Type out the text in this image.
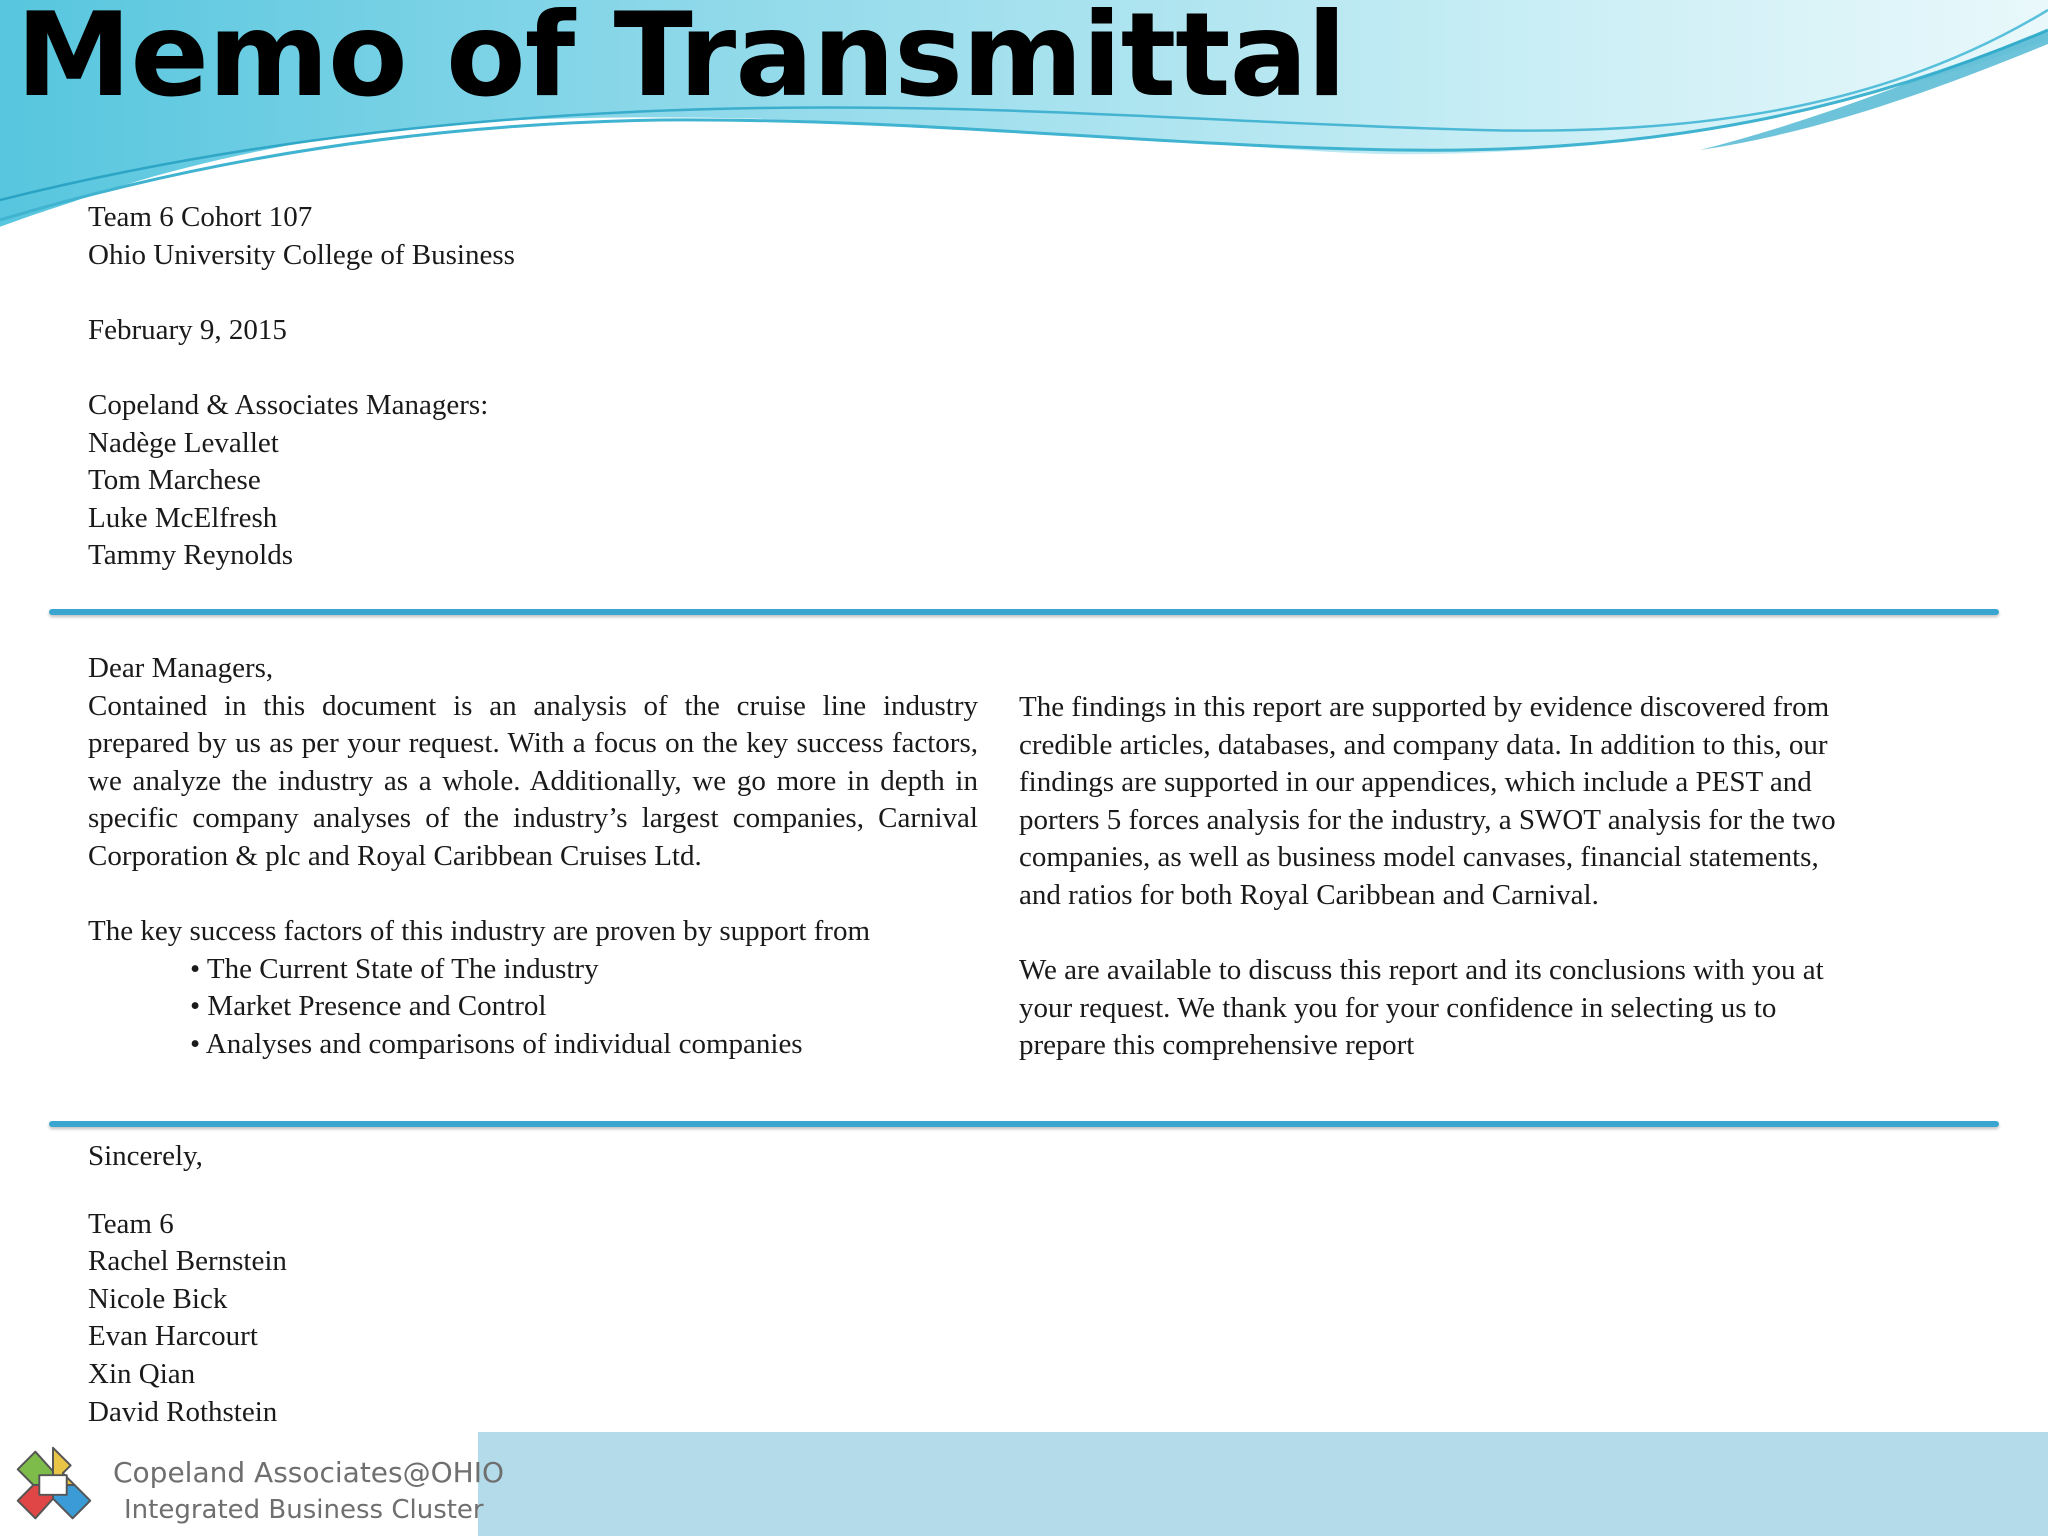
Memo of Transmittal
Team 6 Cohort 107
Ohio University College of Business
February 9, 2015
Copeland & Associates Managers:
Nadège Levallet
Tom Marchese
Luke McElfresh
Tammy Reynolds
Dear Managers,
Contained in this document is an analysis of the cruise line industry prepared by us as per your request. With a focus on the key success factors, we analyze the industry as a whole. Additionally, we go more in depth in specific company analyses of the industry’s largest companies, Carnival Corporation & plc and Royal Caribbean Cruises Ltd.
The key success factors of this industry are proven by support from
• The Current State of The industry
• Market Presence and Control
• Analyses and comparisons of individual companies
The findings in this report are supported by evidence discovered from
credible articles, databases, and company data. In addition to this, our
findings are supported in our appendices, which include a PEST and
porters 5 forces analysis for the industry, a SWOT analysis for the two
companies, as well as business model canvases, financial statements,
and ratios for both Royal Caribbean and Carnival.
We are available to discuss this report and its conclusions with you at
your request. We thank you for your confidence in selecting us to
prepare this comprehensive report
Sincerely,
Team 6
Rachel Bernstein
Nicole Bick
Evan Harcourt
Xin Qian
David Rothstein
Copeland Associates@OHIO
Integrated Business Cluster
